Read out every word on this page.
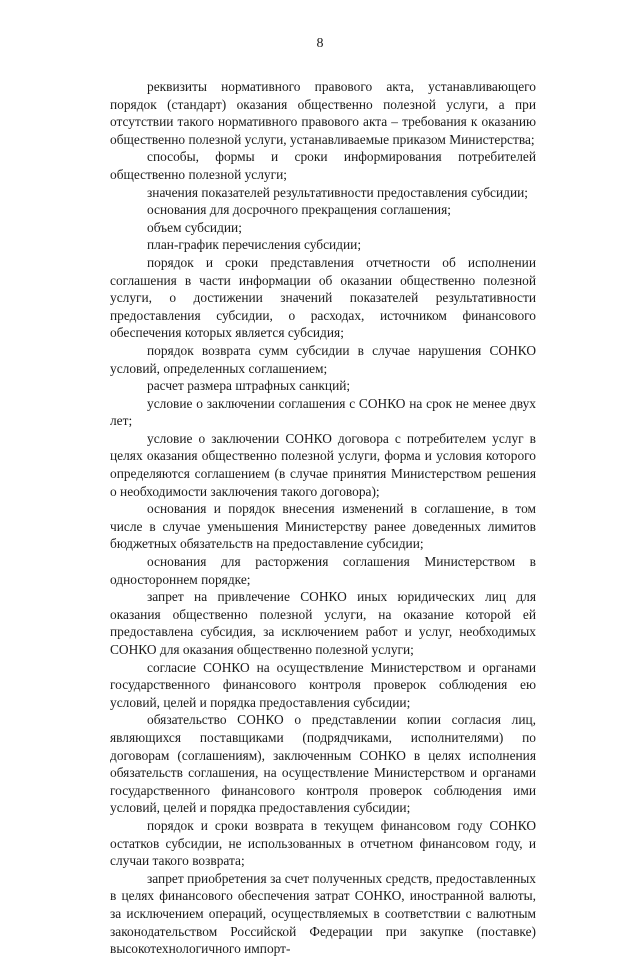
8

реквизиты нормативного правового акта, устанавливающего порядок (стандарт) оказания общественно полезной услуги, а при отсутствии такого нормативного правового акта – требования к оказанию общественно полезной услуги, устанавливаемые приказом Министерства;

способы, формы и сроки информирования потребителей общественно полезной услуги;

значения показателей результативности предоставления субсидии;

основания для досрочного прекращения соглашения;

объем субсидии;

план-график перечисления субсидии;

порядок и сроки представления отчетности об исполнении соглашения в части информации об оказании общественно полезной услуги, о достижении значений показателей результативности предоставления субсидии, о расходах, источником финансового обеспечения которых является субсидия;

порядок возврата сумм субсидии в случае нарушения СОНКО условий, определенных соглашением;

расчет размера штрафных санкций;

условие о заключении соглашения с СОНКО на срок не менее двух лет;

условие о заключении СОНКО договора с потребителем услуг в целях оказания общественно полезной услуги, форма и условия которого определяются соглашением (в случае принятия Министерством решения о необходимости заключения такого договора);

основания и порядок внесения изменений в соглашение, в том числе в случае уменьшения Министерству ранее доведенных лимитов бюджетных обязательств на предоставление субсидии;

основания для расторжения соглашения Министерством в одностороннем порядке;

запрет на привлечение СОНКО иных юридических лиц для оказания общественно полезной услуги, на оказание которой ей предоставлена субсидия, за исключением работ и услуг, необходимых СОНКО для оказания общественно полезной услуги;

согласие СОНКО на осуществление Министерством и органами государственного финансового контроля проверок соблюдения ею условий, целей и порядка предоставления субсидии;

обязательство СОНКО о представлении копии согласия лиц, являющихся поставщиками (подрядчиками, исполнителями) по договорам (соглашениям), заключенным СОНКО в целях исполнения обязательств соглашения, на осуществление Министерством и органами государственного финансового контроля проверок соблюдения ими условий, целей и порядка предоставления субсидии;

порядок и сроки возврата в текущем финансовом году СОНКО остатков субсидии, не использованных в отчетном финансовом году, и случаи такого возврата;

запрет приобретения за счет полученных средств, предоставленных в целях финансового обеспечения затрат СОНКО, иностранной валюты, за исключением операций, осуществляемых в соответствии с валютным законодательством Российской Федерации при закупке (поставке) высокотехнологичного импорт-
